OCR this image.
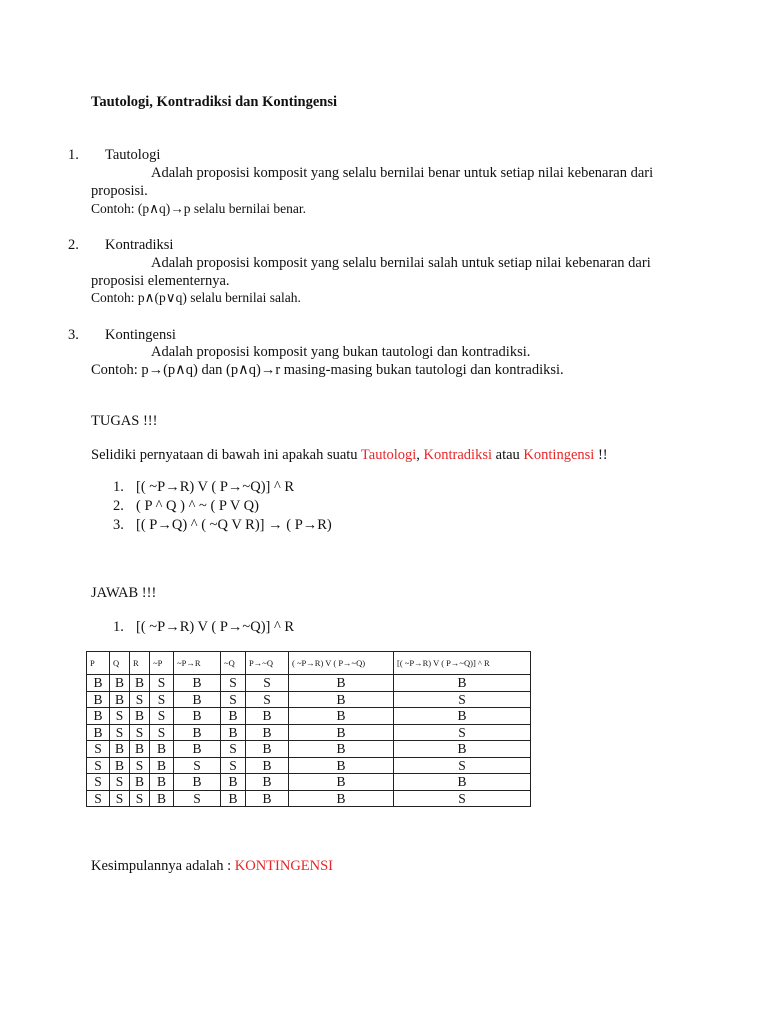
Tautologi, Kontradiksi dan Kontingensi
1. Tautologi
Adalah proposisi komposit yang selalu bernilai benar untuk setiap nilai kebenaran dari
proposisi.
Contoh: (p∧q)→p selalu bernilai benar.
2. Kontradiksi
Adalah proposisi komposit yang selalu bernilai salah untuk setiap nilai kebenaran dari
proposisi elementernya.
Contoh: p∧(p∨q) selalu bernilai salah.
3. Kontingensi
Adalah proposisi komposit yang bukan tautologi dan kontradiksi.
Contoh: p→(p∧q) dan (p∧q)→r masing-masing bukan tautologi dan kontradiksi.
TUGAS !!!
Selidiki pernyataan di bawah ini apakah suatu Tautologi, Kontradiksi atau Kontingensi !!
1. [( ~P→R) V ( P→~Q)] ^ R
2. ( P ^ Q ) ^ ~ ( P V Q)
3. [( P→Q) ^ ( ~Q V R)] → ( P→R)
JAWAB !!!
1. [( ~P→R) V ( P→~Q)] ^ R
P	Q	R	~P	~P→R	~Q	P→~Q	( ~P→R) V ( P→~Q)	[( ~P→R) V ( P→~Q)] ^ R
B	B	B	S	B	S	S	B	B
B	B	S	S	B	S	S	B	S
B	S	B	S	B	B	B	B	B
B	S	S	S	B	B	B	B	S
S	B	B	B	B	S	B	B	B
S	B	S	B	S	S	B	B	S
S	S	B	B	B	B	B	B	B
S	S	S	B	S	B	B	B	S
Kesimpulannya adalah : KONTINGENSI
